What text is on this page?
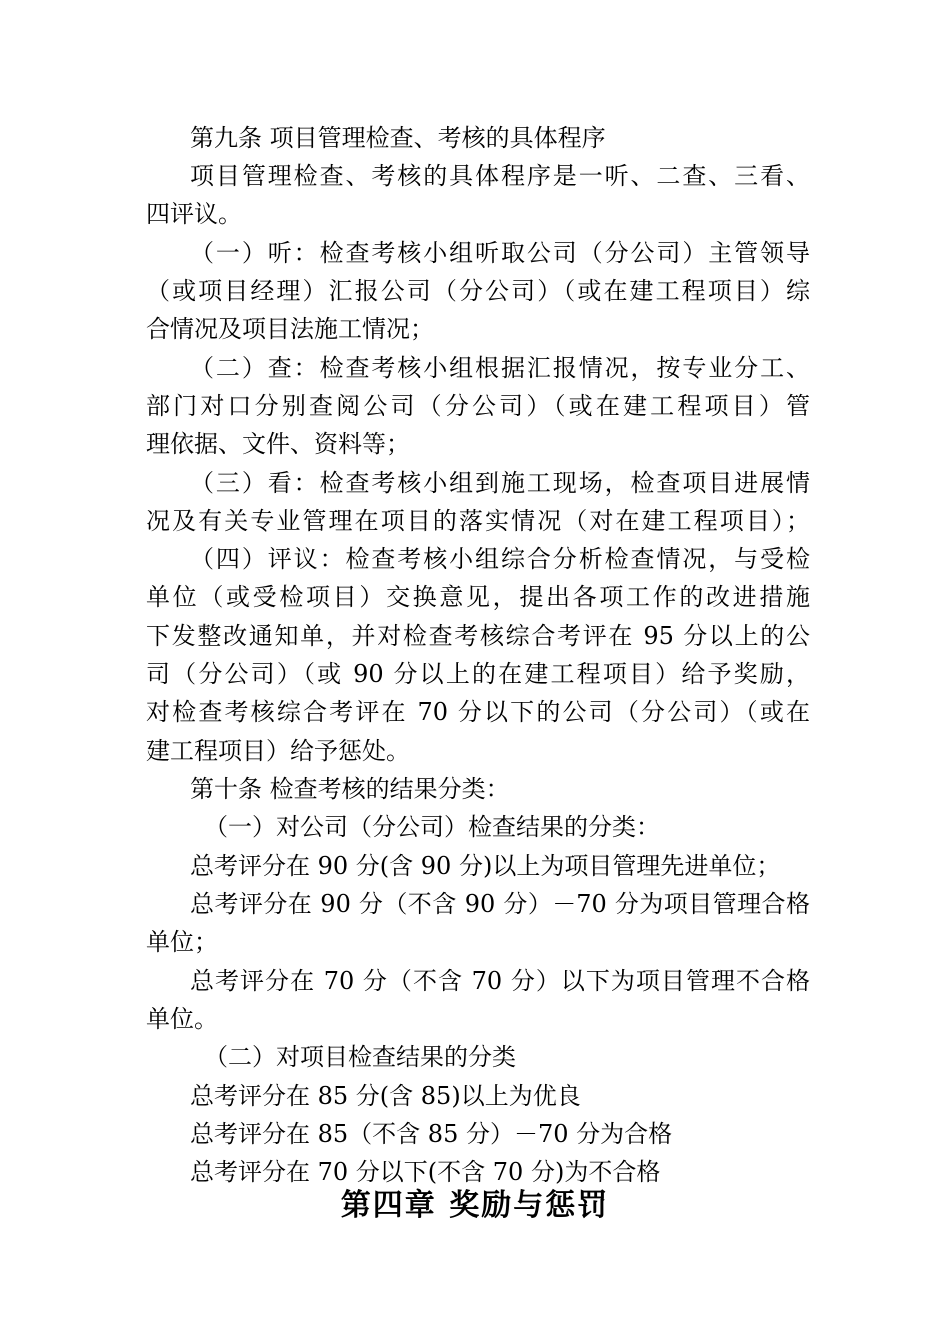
第九条 项目管理检查、考核的具体程序
项目管理检查、考核的具体程序是一听、二查、三看、
四评议。
（一）听：检查考核小组听取公司（分公司）主管领导
（或项目经理）汇报公司（分公司）（或在建工程项目）综
合情况及项目法施工情况；
（二）查：检查考核小组根据汇报情况，按专业分工、
部门对口分别查阅公司（分公司）（或在建工程项目）管
理依据、文件、资料等；
（三）看：检查考核小组到施工现场，检查项目进展情
况及有关专业管理在项目的落实情况（对在建工程项目）；
（四）评议：检查考核小组综合分析检查情况，与受检
单位（或受检项目）交换意见，提出各项工作的改进措施
下发整改通知单，并对检查考核综合考评在 95 分以上的公
司（分公司）（或 90 分以上的在建工程项目）给予奖励，
对检查考核综合考评在 70 分以下的公司（分公司）（或在
建工程项目）给予惩处。
第十条 检查考核的结果分类：
（一）对公司（分公司）检查结果的分类：
总考评分在 90 分(含 90 分)以上为项目管理先进单位；
总考评分在 90 分（不含 90 分）－70 分为项目管理合格
单位；
总考评分在 70 分（不含 70 分）以下为项目管理不合格
单位。
（二）对项目检查结果的分类
总考评分在 85 分(含 85)以上为优良
总考评分在 85（不含 85 分）－70 分为合格
总考评分在 70 分以下(不含 70 分)为不合格
第四章 奖励与惩罚
